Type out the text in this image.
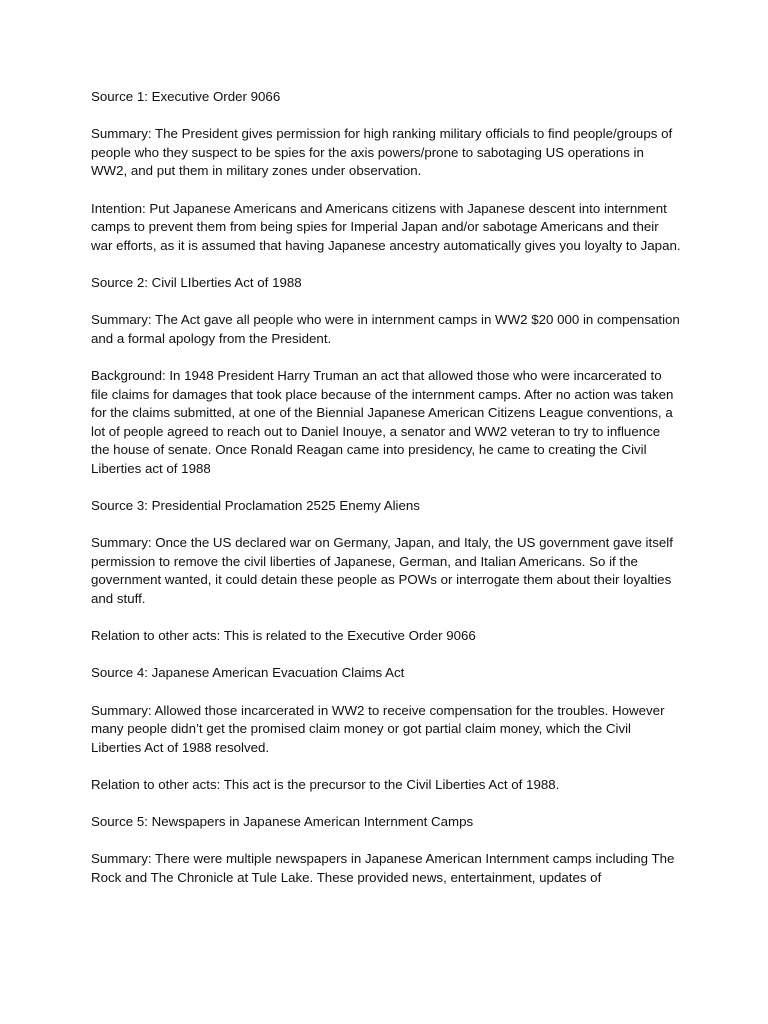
Source 1: Executive Order 9066

Summary: The President gives permission for high ranking military officials to find people/groups of people who they suspect to be spies for the axis powers/prone to sabotaging US operations in WW2, and put them in military zones under observation.

Intention: Put Japanese Americans and Americans citizens with Japanese descent into internment camps to prevent them from being spies for Imperial Japan and/or sabotage Americans and their war efforts, as it is assumed that having Japanese ancestry automatically gives you loyalty to Japan.

Source 2: Civil LIberties Act of 1988

Summary: The Act gave all people who were in internment camps in WW2 $20 000 in compensation and a formal apology from the President.

Background: In 1948 President Harry Truman an act that allowed those who were incarcerated to file claims for damages that took place because of the internment camps. After no action was taken for the claims submitted, at one of the Biennial Japanese American Citizens League conventions, a lot of people agreed to reach out to Daniel Inouye, a senator and WW2 veteran to try to influence the house of senate. Once Ronald Reagan came into presidency, he came to creating the Civil Liberties act of 1988

Source 3: Presidential Proclamation 2525 Enemy Aliens

Summary: Once the US declared war on Germany, Japan, and Italy, the US government gave itself permission to remove the civil liberties of Japanese, German, and Italian Americans. So if the government wanted, it could detain these people as POWs or interrogate them about their loyalties and stuff.

Relation to other acts: This is related to the Executive Order 9066

Source 4: Japanese American Evacuation Claims Act

Summary: Allowed those incarcerated in WW2 to receive compensation for the troubles. However many people didn’t get the promised claim money or got partial claim money, which the Civil Liberties Act of 1988 resolved.

Relation to other acts: This act is the precursor to the Civil Liberties Act of 1988.

Source 5: Newspapers in Japanese American Internment Camps

Summary: There were multiple newspapers in Japanese American Internment camps including The Rock and The Chronicle at Tule Lake. These provided news, entertainment, updates of
